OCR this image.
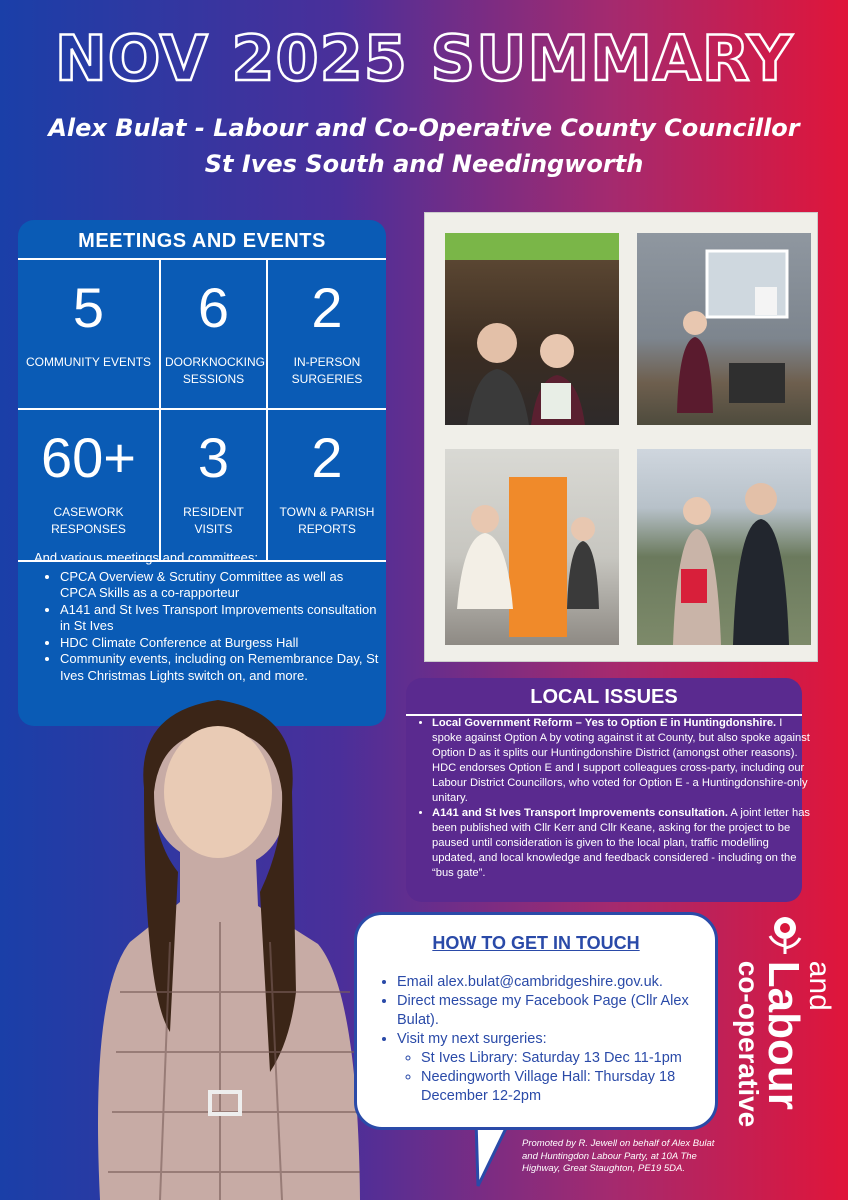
NOV 2025 SUMMARY
Alex Bulat - Labour and Co-Operative County Councillor
St Ives South and Needingworth
MEETINGS AND EVENTS
5
COMMUNITY EVENTS
6
DOORKNOCKING SESSIONS
2
IN-PERSON SURGERIES
60+
CASEWORK RESPONSES
3
RESIDENT VISITS
2
TOWN & PARISH REPORTS

And various meetings and committees:

• CPCA Overview & Scrutiny Committee as well as CPCA Skills as a co-rapporteur
• A141 and St Ives Transport Improvements consultation in St Ives
• HDC Climate Conference at Burgess Hall
• Community events, including on Remembrance Day, St Ives Christmas Lights switch on, and more.
LOCAL ISSUES
• Local Government Reform – Yes to Option E in Huntingdonshire. I spoke against Option A by voting against it at County, but also spoke against Option D as it splits our Huntingdonshire District (amongst other reasons). HDC endorses Option E and I support colleagues cross-party, including our Labour District Councillors, who voted for Option E - a Huntingdonshire-only unitary.
• A141 and St Ives Transport Improvements consultation. A joint letter has been published with Cllr Kerr and Cllr Keane, asking for the project to be paused until consideration is given to the local plan, traffic modelling updated, and local knowledge and feedback considered - including on the “bus gate”.
HOW TO GET IN TOUCH
• Email alex.bulat@cambridgeshire.gov.uk.
• Direct message my Facebook Page (Cllr Alex Bulat).
• Visit my next surgeries:
◦ St Ives Library: Saturday 13 Dec 11-1pm
◦ Needingworth Village Hall: Thursday 18 December 12-2pm
Promoted by R. Jewell on behalf of Alex Bulat and Huntingdon Labour Party, at 10A The Highway, Great Staughton, PE19 5DA.
and
Labour
co-operative
